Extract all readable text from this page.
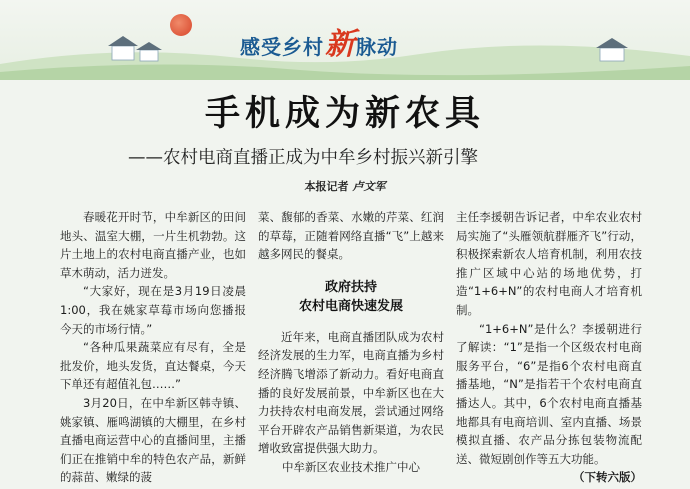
感受乡村 新 脉动
手机成为新农具
——农村电商直播正成为中牟乡村振兴新引擎
本报记者 卢文军

春暖花开时节，中牟新区的田间地头、温室大棚，一片生机勃勃。这片土地上的农村电商直播产业，也如草木萌动，活力迸发。

“大家好，现在是3月19日凌晨1:00，我在姚家草莓市场向您播报今天的市场行情。”

“各种瓜果蔬菜应有尽有，全是批发价，地头发货，直达餐桌，今天下单还有超值礼包……”

3月20日，在中牟新区韩寺镇、姚家镇、雁鸣湖镇的大棚里，在乡村直播电商运营中心的直播间里，主播们正在推销中牟的特色农产品，新鲜的蒜苗、嫩绿的菠

菜、馥郁的香菜、水嫩的芹菜、红润的草莓，正随着网络直播“飞”上越来越多网民的餐桌。

政府扶持
农村电商快速发展

近年来，电商直播团队成为农村经济发展的生力军，电商直播为乡村经济腾飞增添了新动力。看好电商直播的良好发展前景，中牟新区也在大力扶持农村电商发展，尝试通过网络平台开辟农产品销售新渠道，为农民增收致富提供强大助力。

中牟新区农业技术推广中心

主任李援朝告诉记者，中牟农业农村局实施了“头雁领航群雁齐飞”行动，积极探索新农人培育机制，利用农技推广区域中心站的场地优势，打造“1+6+N”的农村电商人才培育机制。

“1+6+N”是什么？李援朝进行了解读：“1”是指一个区级农村电商服务平台，“6”是指6个农村电商直播基地，“N”是指若干个农村电商直播达人。其中，6个农村电商直播基地都具有电商培训、室内直播、场景模拟直播、农产品分拣包装物流配送、微短剧创作等五大功能。

（下转六版）
